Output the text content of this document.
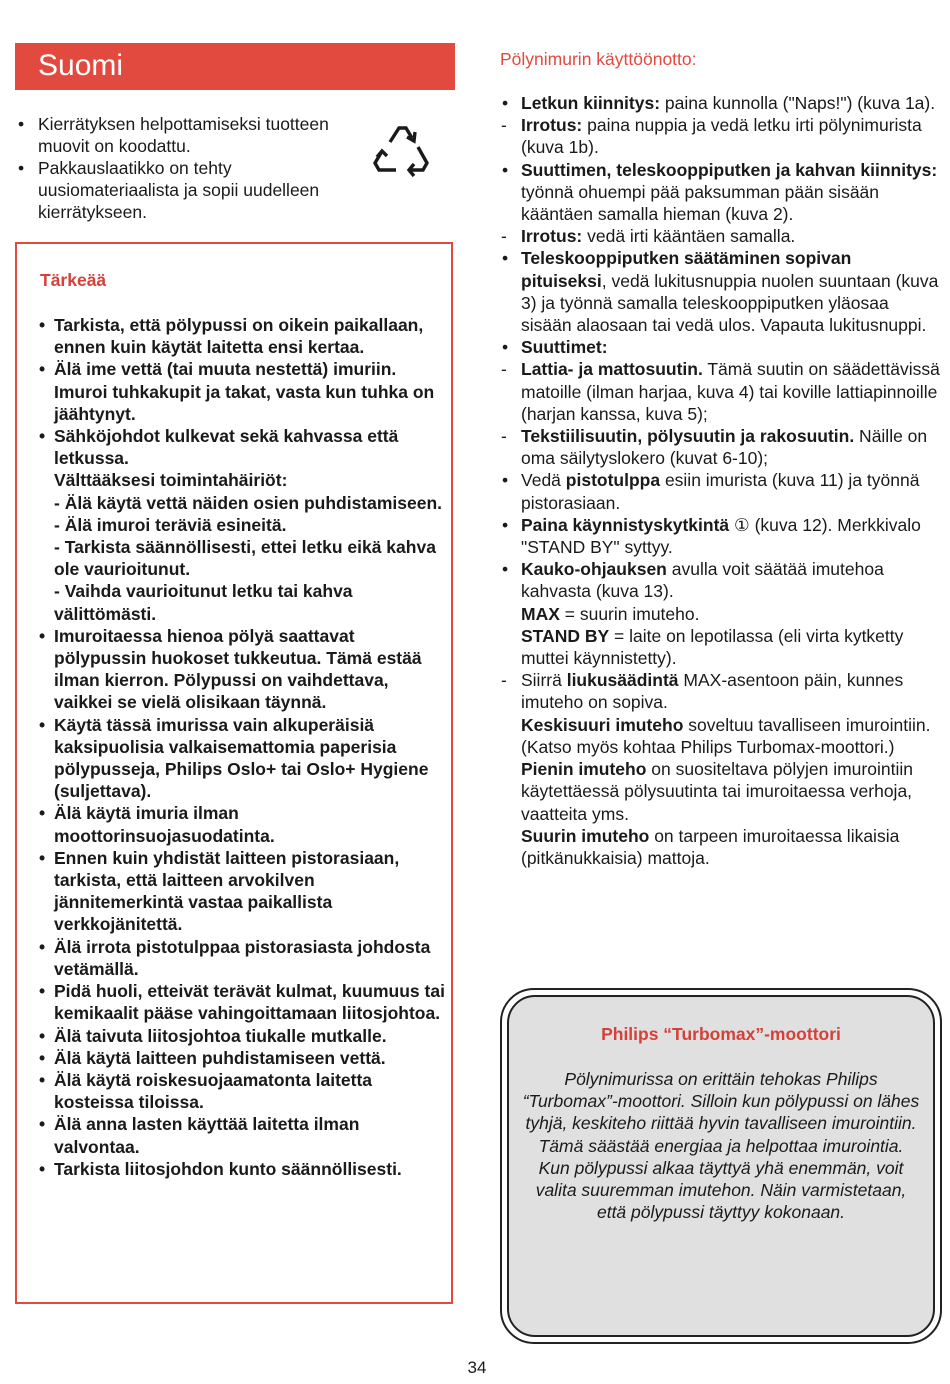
Suomi
• Kierrätyksen helpottamiseksi tuotteen muovit on koodattu.
• Pakkauslaatikko on tehty uusiomateriaalista ja sopii uudelleen kierrätykseen.
Tärkeää
• Tarkista, että pölypussi on oikein paikallaan, ennen kuin käytät laitetta ensi kertaa.
• Älä ime vettä (tai muuta nestettä) imuriin. Imuroi tuhkakupit ja takat, vasta kun tuhka on jäähtynyt.
• Sähköjohdot kulkevat sekä kahvassa että letkussa.
Välttääksesi toimintahäiriöt:
- Älä käytä vettä näiden osien puhdistamiseen.
- Älä imuroi teräviä esineitä.
- Tarkista säännöllisesti, ettei letku eikä kahva ole vaurioitunut.
- Vaihda vaurioitunut letku tai kahva välittömästi.
• Imuroitaessa hienoa pölyä saattavat pölypussin huokoset tukkeutua. Tämä estää ilman kierron. Pölypussi on vaihdettava, vaikkei se vielä olisikaan täynnä.
• Käytä tässä imurissa vain alkuperäisiä kaksipuolisia valkaisemattomia paperisia pölypusseja, Philips Oslo+ tai Oslo+ Hygiene (suljettava).
• Älä käytä imuria ilman moottorinsuojasuodatinta.
• Ennen kuin yhdistät laitteen pistorasiaan, tarkista, että laitteen arvokilven jännitemerkintä vastaa paikallista verkkojänitettä.
• Älä irrota pistotulppaa pistorasiasta johdosta vetämällä.
• Pidä huoli, etteivät terävät kulmat, kuumuus tai kemikaalit pääse vahingoittamaan liitosjohtoa.
• Älä taivuta liitosjohtoa tiukalle mutkalle.
• Älä käytä laitteen puhdistamiseen vettä.
• Älä käytä roiskesuojaamatonta laitetta kosteissa tiloissa.
• Älä anna lasten käyttää laitetta ilman valvontaa.
• Tarkista liitosjohdon kunto säännöllisesti.
Pölynimurin käyttöönotto:
• Letkun kiinnitys: paina kunnolla ("Naps!") (kuva 1a).
- Irrotus: paina nuppia ja vedä letku irti pölynimurista (kuva 1b).
• Suuttimen, teleskooppiputken ja kahvan kiinnitys: työnnä ohuempi pää paksumman pään sisään kääntäen samalla hieman (kuva 2).
- Irrotus: vedä irti kääntäen samalla.
• Teleskooppiputken säätäminen sopivan pituiseksi, vedä lukitusnuppia nuolen suuntaan (kuva 3) ja työnnä samalla teleskooppiputken yläosaa sisään alaosaan tai vedä ulos. Vapauta lukitusnuppi.
• Suuttimet:
- Lattia- ja mattosuutin. Tämä suutin on säädettävissä matoille (ilman harjaa, kuva 4) tai koville lattiapinnoille (harjan kanssa, kuva 5);
- Tekstiilisuutin, pölysuutin ja rakosuutin. Näille on oma säilytyslokero (kuvat 6-10);
• Vedä pistotulppa esiin imurista (kuva 11) ja työnnä pistorasiaan.
• Paina käynnistyskytkintä ① (kuva 12). Merkkivalo "STAND BY" syttyy.
• Kauko-ohjauksen avulla voit säätää imutehoa kahvasta (kuva 13).
MAX = suurin imuteho.
STAND BY = laite on lepotilassa (eli virta kytketty muttei käynnistetty).
- Siirrä liukusäädintä MAX-asentoon päin, kunnes imuteho on sopiva.
Keskisuuri imuteho soveltuu tavalliseen imurointiin. (Katso myös kohtaa Philips Turbomax-moottori.)
Pienin imuteho on suositeltava pölyjen imurointiin käytettäessä pölysuutinta tai imuroitaessa verhoja, vaatteita yms.
Suurin imuteho on tarpeen imuroitaessa likaisia (pitkänukkaisia) mattoja.
Philips “Turbomax”-moottori

Pölynimurissa on erittäin tehokas Philips “Turbomax”-moottori. Silloin kun pölypussi on lähes tyhjä, keskiteho riittää hyvin tavalliseen imurointiin. Tämä säästää energiaa ja helpottaa imurointia.
Kun pölypussi alkaa täyttyä yhä enemmän, voit valita suuremman imutehon. Näin varmistetaan, että pölypussi täyttyy kokonaan.

34
